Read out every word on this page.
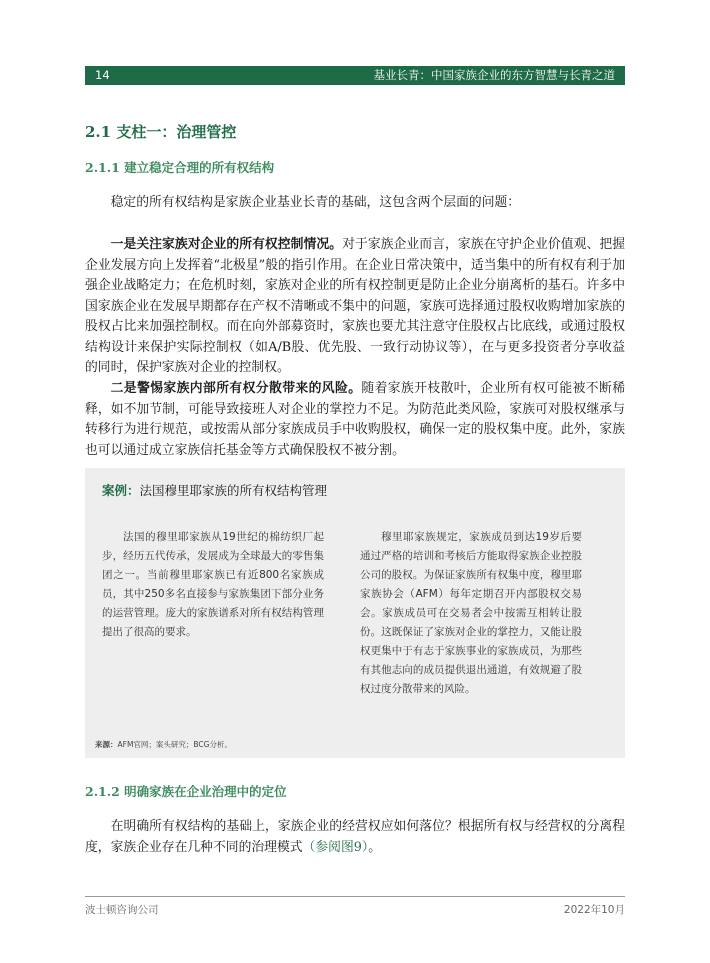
14	基业长青：中国家族企业的东方智慧与长青之道
2.1 支柱一：治理管控
2.1.1 建立稳定合理的所有权结构

稳定的所有权结构是家族企业基业长青的基础，这包含两个层面的问题：

一是关注家族对企业的所有权控制情况。对于家族企业而言，家族在守护企业价值观、把握企业发展方向上发挥着“北极星”般的指引作用。在企业日常决策中，适当集中的所有权有利于加强企业战略定力；在危机时刻，家族对企业的所有权控制更是防止企业分崩离析的基石。许多中国家族企业在发展早期都存在产权不清晰或不集中的问题，家族可选择通过股权收购增加家族的股权占比来加强控制权。而在向外部募资时，家族也要尤其注意守住股权占比底线，或通过股权结构设计来保护实际控制权（如A/B股、优先股、一致行动协议等），在与更多投资者分享收益的同时，保护家族对企业的控制权。

二是警惕家族内部所有权分散带来的风险。随着家族开枝散叶，企业所有权可能被不断稀释，如不加节制，可能导致接班人对企业的掌控力不足。为防范此类风险，家族可对股权继承与转移行为进行规范，或按需从部分家族成员手中收购股权，确保一定的股权集中度。此外，家族也可以通过成立家族信托基金等方式确保股权不被分割。

案例：法国穆里耶家族的所有权结构管理

法国的穆里耶家族从19世纪的棉纺织厂起步，经历五代传承，发展成为全球最大的零售集团之一。当前穆里耶家族已有近800名家族成员，其中250多名直接参与家族集团下部分业务的运营管理。庞大的家族谱系对所有权结构管理提出了很高的要求。

穆里耶家族规定，家族成员到达19岁后要通过严格的培训和考核后方能取得家族企业控股公司的股权。为保证家族所有权集中度，穆里耶家族协会（AFM）每年定期召开内部股权交易会。家族成员可在交易者会中按需互相转让股份。这既保证了家族对企业的掌控力，又能让股权更集中于有志于家族事业的家族成员，为那些有其他志向的成员提供退出通道，有效规避了股权过度分散带来的风险。

来源：AFM官网；案头研究；BCG分析。
2.1.2 明确家族在企业治理中的定位

在明确所有权结构的基础上，家族企业的经营权应如何落位？根据所有权与经营权的分离程度，家族企业存在几种不同的治理模式（参阅图9）。

波士顿咨询公司	2022年10月
